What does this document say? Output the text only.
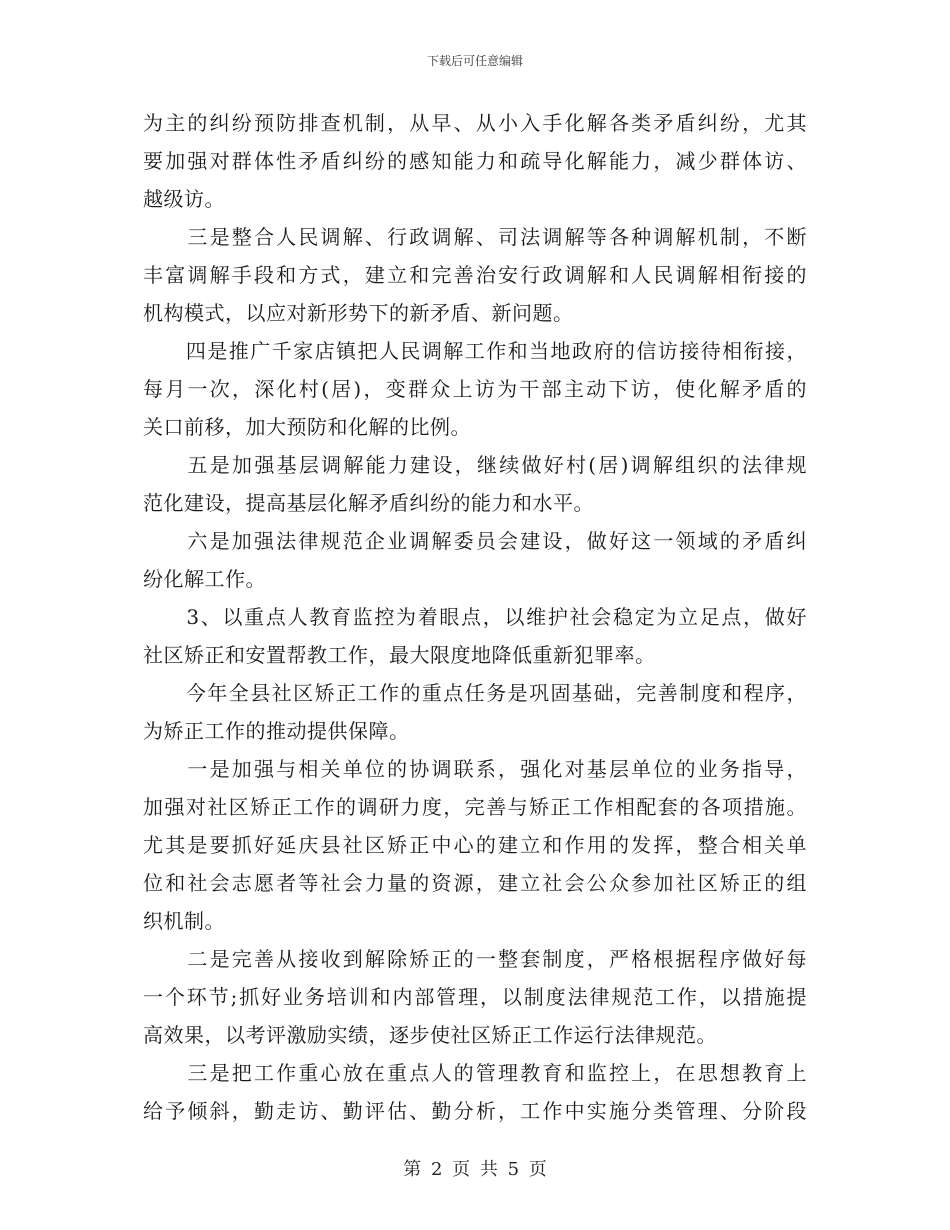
下载后可任意编辑
为主的纠纷预防排查机制，从早、从小入手化解各类矛盾纠纷，尤其
要加强对群体性矛盾纠纷的感知能力和疏导化解能力，减少群体访、
越级访。
　　三是整合人民调解、行政调解、司法调解等各种调解机制，不断
丰富调解手段和方式，建立和完善治安行政调解和人民调解相衔接的
机构模式，以应对新形势下的新矛盾、新问题。
　　四是推广千家店镇把人民调解工作和当地政府的信访接待相衔接，
每月一次，深化村(居)，变群众上访为干部主动下访，使化解矛盾的
关口前移，加大预防和化解的比例。
　　五是加强基层调解能力建设，继续做好村(居)调解组织的法律规
范化建设，提高基层化解矛盾纠纷的能力和水平。
　　六是加强法律规范企业调解委员会建设，做好这一领域的矛盾纠
纷化解工作。
　　3、以重点人教育监控为着眼点，以维护社会稳定为立足点，做好
社区矫正和安置帮教工作，最大限度地降低重新犯罪率。
　　今年全县社区矫正工作的重点任务是巩固基础，完善制度和程序，
为矫正工作的推动提供保障。
　　一是加强与相关单位的协调联系，强化对基层单位的业务指导，
加强对社区矫正工作的调研力度，完善与矫正工作相配套的各项措施。
尤其是要抓好延庆县社区矫正中心的建立和作用的发挥，整合相关单
位和社会志愿者等社会力量的资源，建立社会公众参加社区矫正的组
织机制。
　　二是完善从接收到解除矫正的一整套制度，严格根据程序做好每
一个环节;抓好业务培训和内部管理，以制度法律规范工作，以措施提
高效果，以考评激励实绩，逐步使社区矫正工作运行法律规范。
　　三是把工作重心放在重点人的管理教育和监控上，在思想教育上
给予倾斜，勤走访、勤评估、勤分析，工作中实施分类管理、分阶段
第 2 页 共 5 页
